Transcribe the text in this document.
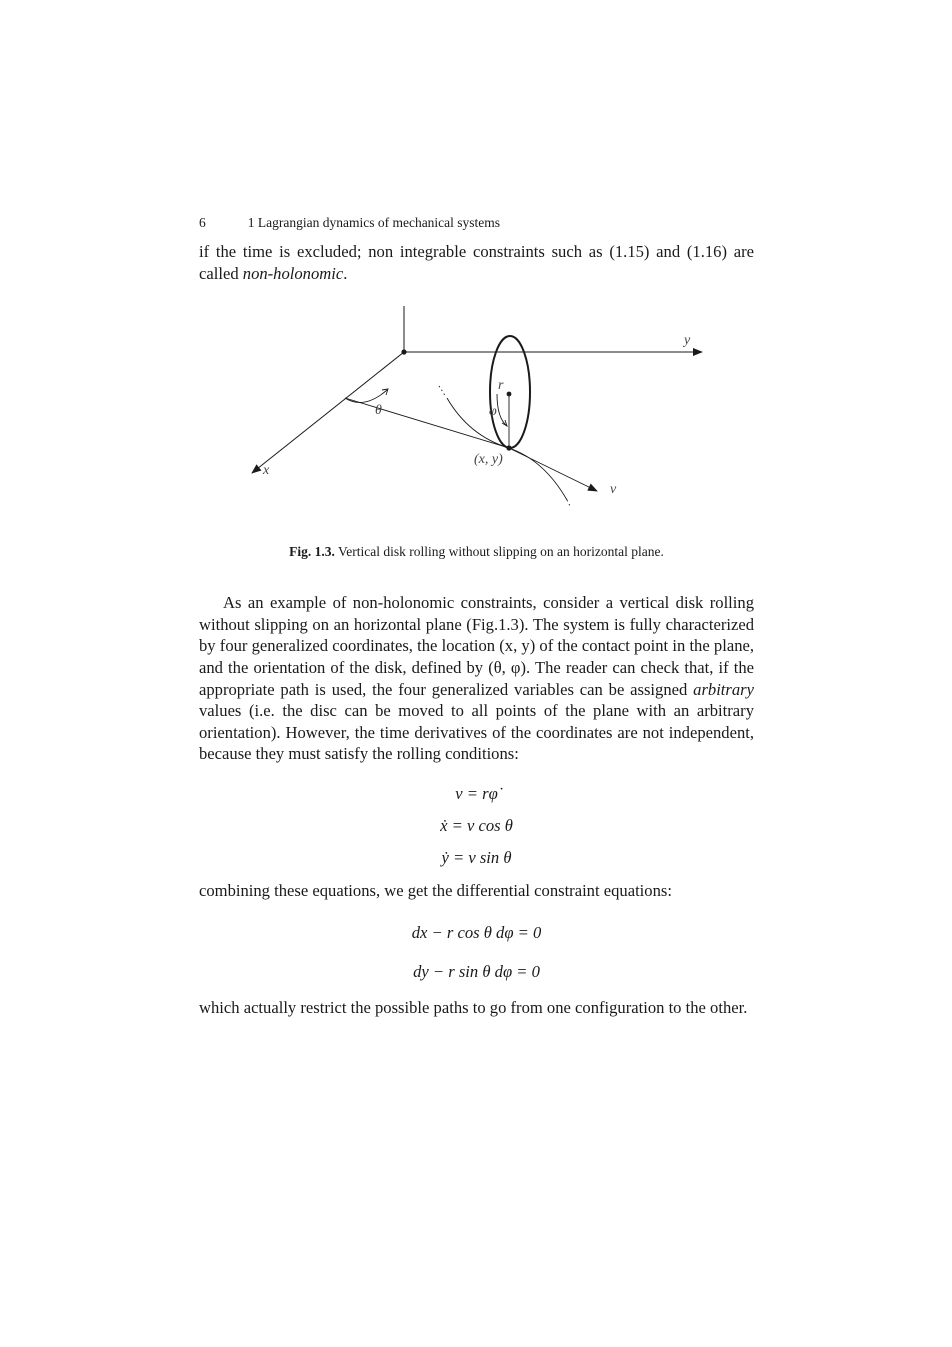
6	1 Lagrangian dynamics of mechanical systems

if the time is excluded; non integrable constraints such as (1.15) and (1.16) are called non-holonomic.

y
x
θ
r
φ
(x, y)
v
Fig. 1.3. Vertical disk rolling without slipping on an horizontal plane.

As an example of non-holonomic constraints, consider a vertical disk rolling without slipping on an horizontal plane (Fig.1.3). The system is fully characterized by four generalized coordinates, the location (x, y) of the contact point in the plane, and the orientation of the disk, defined by (θ, φ). The reader can check that, if the appropriate path is used, the four generalized variables can be assigned arbitrary values (i.e. the disc can be moved to all points of the plane with an arbitrary orientation). However, the time derivatives of the coordinates are not independent, because they must satisfy the rolling conditions:

v = rφ̇
ẋ = v cos θ
ẏ = v sin θ

combining these equations, we get the differential constraint equations:

dx − r cos θ dφ = 0
dy − r sin θ dφ = 0

which actually restrict the possible paths to go from one configuration to the other.
